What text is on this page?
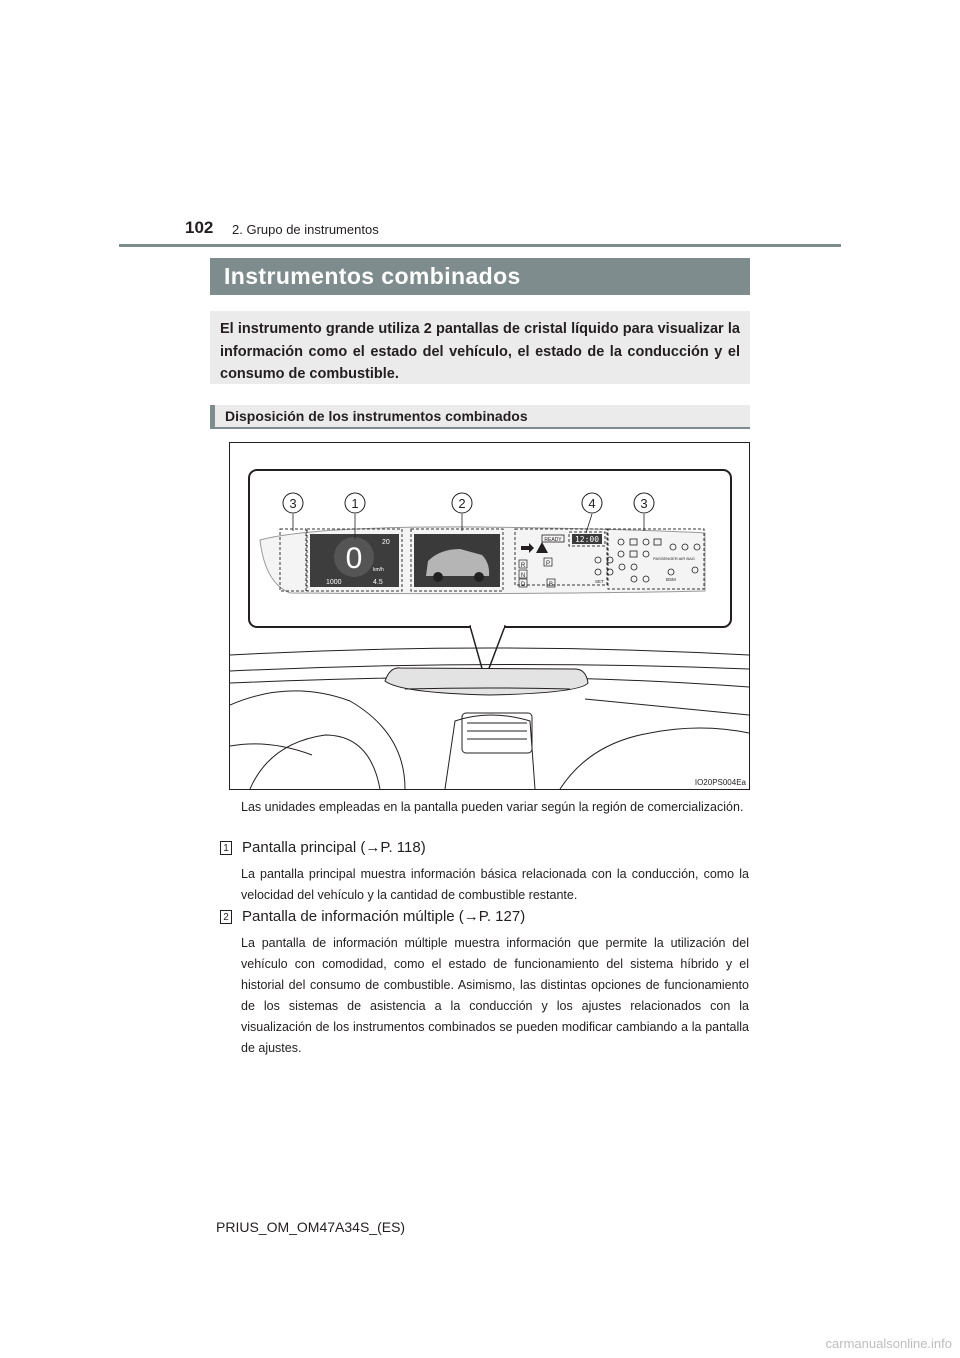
102 2. Grupo de instrumentos
Instrumentos combinados
El instrumento grande utiliza 2 pantallas de cristal líquido para visualizar la información como el estado del vehículo, el estado de la conducción y el consumo de combustible.
Disposición de los instrumentos combinados
0 km/h
1000	4.5
20	READY
R
N
D
P
B
12:00
PASSENGER AIR BAG
SET	BSM
3	1	2	4	3
IO20PS004Ea
Las unidades empleadas en la pantalla pueden variar según la región de comercialización.
1 Pantalla principal (→P. 118)
La pantalla principal muestra información básica relacionada con la conducción, como la velocidad del vehículo y la cantidad de combustible restante.
2 Pantalla de información múltiple (→P. 127)
La pantalla de información múltiple muestra información que permite la utilización del vehículo con comodidad, como el estado de funcionamiento del sistema híbrido y el historial del consumo de combustible. Asimismo, las distintas opciones de funcionamiento de los sistemas de asistencia a la conducción y los ajustes relacionados con la visualización de los instrumentos combinados se pueden modificar cambiando a la pantalla de ajustes.
PRIUS_OM_OM47A34S_(ES)
carmanualsonline.info
